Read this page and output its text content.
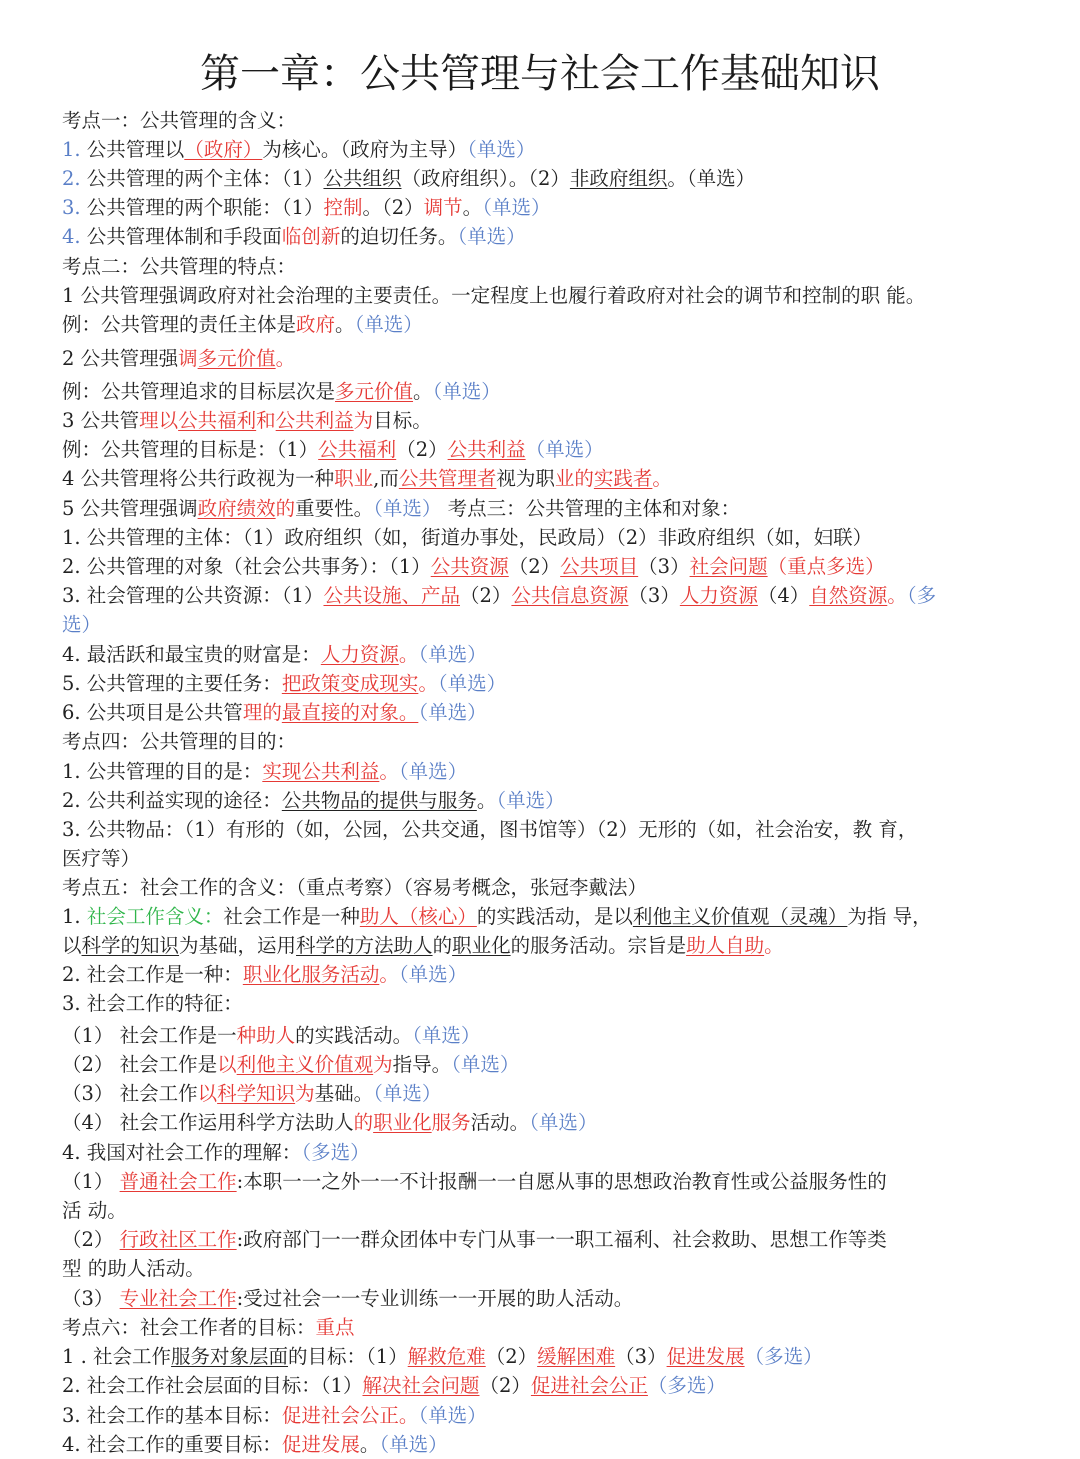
第一章：公共管理与社会工作基础知识
考点一：公共管理的含义：
1. 公共管理以（政府）为核心。（政府为主导）（单选）
2. 公共管理的两个主体：（1）公共组织（政府组织）。（2）非政府组织。（单选）
3. 公共管理的两个职能：（1）控制。（2）调节。（单选）
4. 公共管理体制和手段面临创新的迫切任务。（单选）
考点二：公共管理的特点：
1 公共管理强调政府对社会治理的主要责任。一定程度上也履行着政府对社会的调节和控制的职 能。
例：公共管理的责任主体是政府。（单选）
2 公共管理强调多元价值。
例：公共管理追求的目标层次是多元价值。（单选）
3 公共管理以公共福利和公共利益为目标。
例：公共管理的目标是：（1）公共福利（2）公共利益（单选）
4 公共管理将公共行政视为一种职业,而公共管理者视为职业的实践者。
5 公共管理强调政府绩效的重要性。（单选） 考点三：公共管理的主体和对象：
1. 公共管理的主体：（1）政府组织（如，街道办事处，民政局）（2）非政府组织（如，妇联）
2. 公共管理的对象（社会公共事务）：（1）公共资源（2）公共项目（3）社会问题（重点多选）
3. 社会管理的公共资源：（1）公共设施、产品（2）公共信息资源（3）人力资源（4）自然资源。（多
选）
4. 最活跃和最宝贵的财富是：人力资源。（单选）
5. 公共管理的主要任务：把政策变成现实。（单选）
6. 公共项目是公共管理的最直接的对象。（单选）
考点四：公共管理的目的：
1. 公共管理的目的是：实现公共利益。（单选）
2. 公共利益实现的途径：公共物品的提供与服务。（单选）
3. 公共物品：（1）有形的（如，公园，公共交通，图书馆等）（2）无形的（如，社会治安，教 育，
医疗等）
考点五：社会工作的含义：（重点考察）（容易考概念，张冠李戴法）
1. 社会工作含义：社会工作是一种助人（核心）的实践活动，是以利他主义价值观（灵魂）为指 导，
以科学的知识为基础，运用科学的方法助人的职业化的服务活动。宗旨是助人自助。
2. 社会工作是一种：职业化服务活动。（单选）
3. 社会工作的特征：
（1） 社会工作是一种助人的实践活动。（单选）
（2） 社会工作是以利他主义价值观为指导。（单选）
（3） 社会工作以科学知识为基础。（单选）
（4） 社会工作运用科学方法助人的职业化服务活动。（单选）
4. 我国对社会工作的理解：（多选）
（1） 普通社会工作:本职一一之外一一不计报酬一一自愿从事的思想政治教育性或公益服务性的
活 动。
（2） 行政社区工作:政府部门一一群众团体中专门从事一一职工福利、社会救助、思想工作等类
型 的助人活动。
（3） 专业社会工作:受过社会一一专业训练一一开展的助人活动。
考点六：社会工作者的目标：重点
1 . 社会工作服务对象层面的目标：（1）解救危难（2）缓解困难（3）促进发展（多选）
2. 社会工作社会层面的目标：（1）解决社会问题（2）促进社会公正（多选）
3. 社会工作的基本目标：促进社会公正。（单选）
4. 社会工作的重要目标：促进发展。（单选）
